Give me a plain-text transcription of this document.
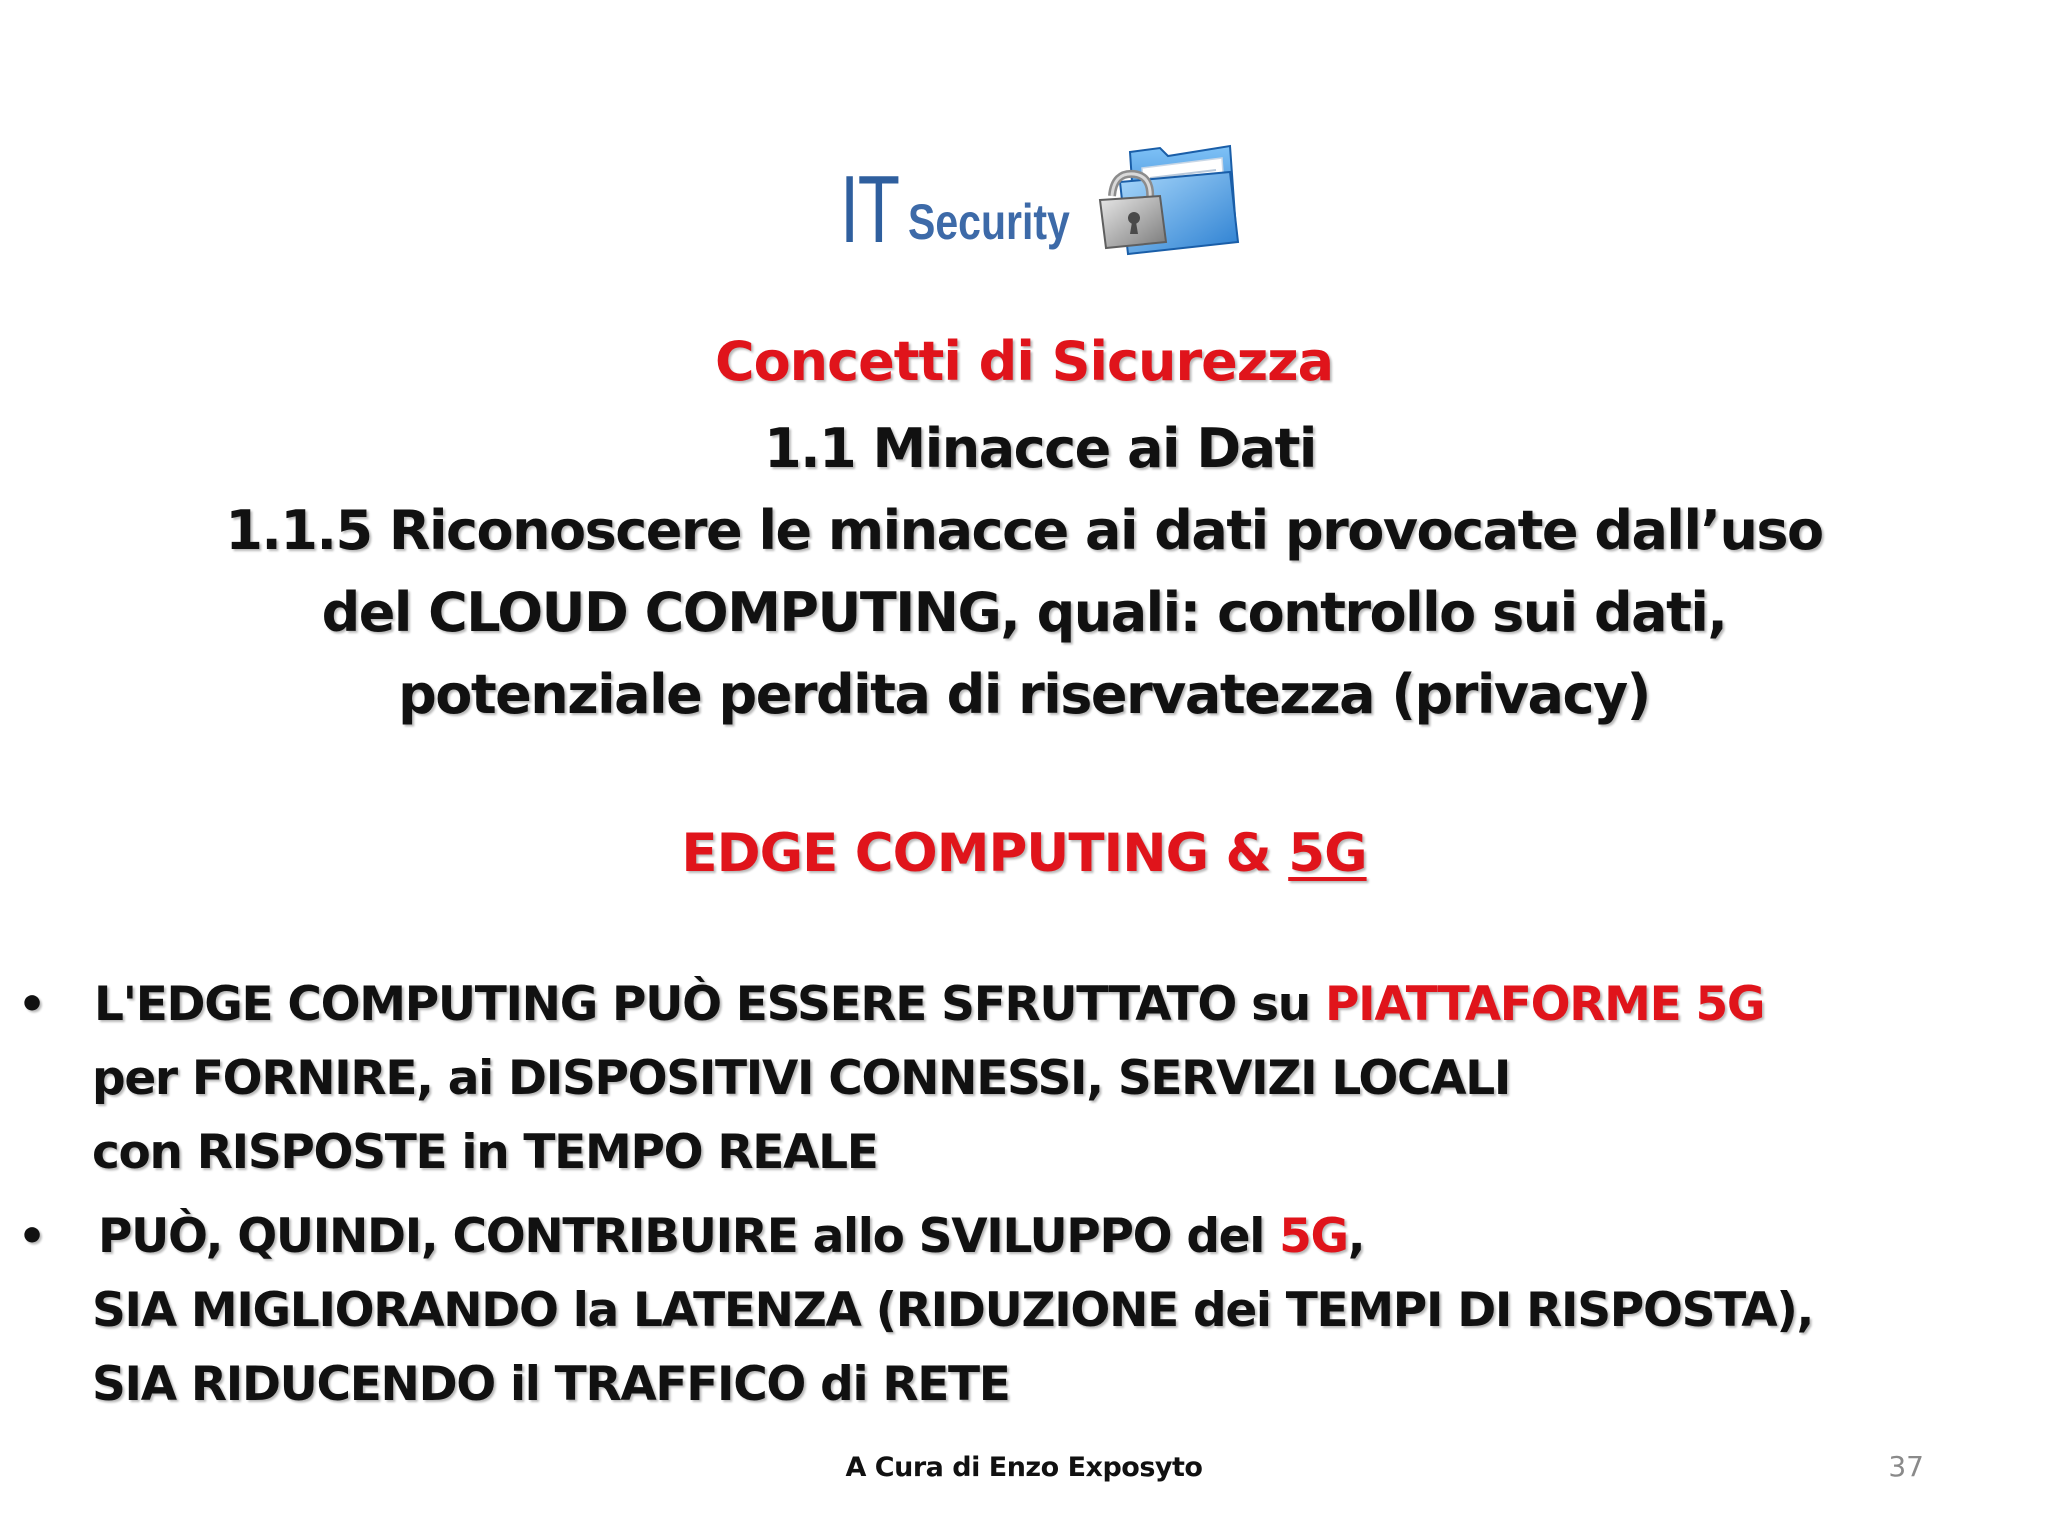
IT Security
Concetti di Sicurezza
1.1 Minacce ai Dati
1.1.5 Riconoscere le minacce ai dati provocate dall’uso
del CLOUD COMPUTING, quali: controllo sui dati,
potenziale perdita di riservatezza (privacy)
EDGE COMPUTING & 5G
• L'EDGE COMPUTING PUÒ ESSERE SFRUTTATO su PIATTAFORME 5G
per FORNIRE, ai DISPOSITIVI CONNESSI, SERVIZI LOCALI
con RISPOSTE in TEMPO REALE
• PUÒ, QUINDI, CONTRIBUIRE allo SVILUPPO del 5G,
SIA MIGLIORANDO la LATENZA (RIDUZIONE dei TEMPI DI RISPOSTA),
SIA RIDUCENDO il TRAFFICO di RETE
A Cura di Enzo Exposyto	37
